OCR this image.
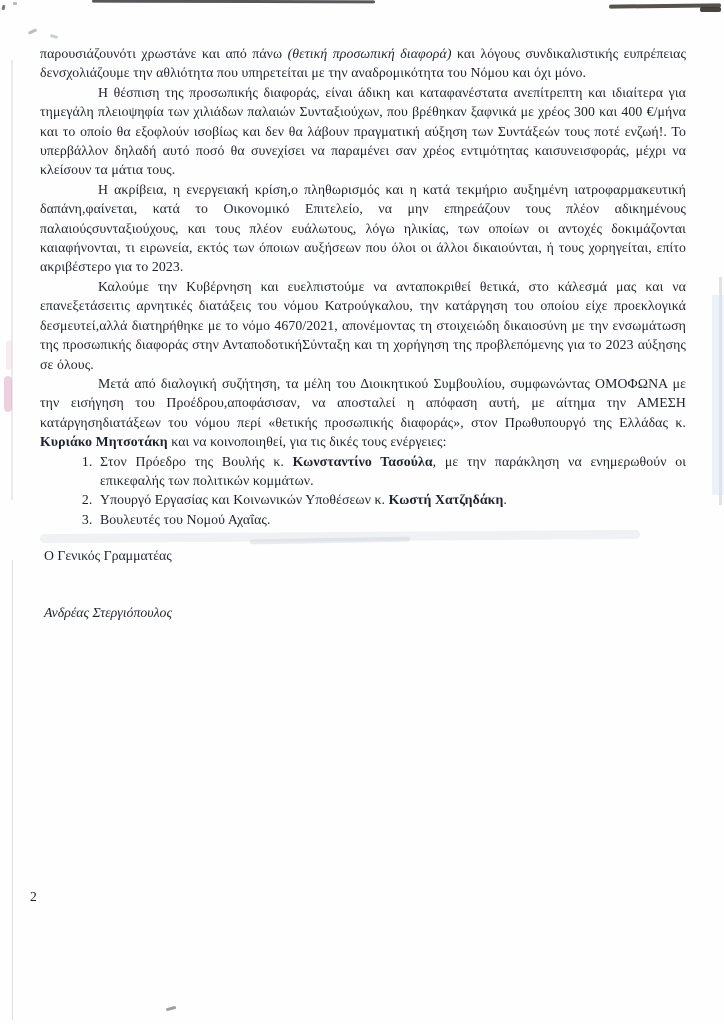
παρουσιάζουνότι χρωστάνε και από πάνω (θετική προσωπική διαφορά) και λόγους συνδικαλιστικής ευπρέπειας δενσχολιάζουμε την αθλιότητα που υπηρετείται με την αναδρομικότητα του Νόμου και όχι μόνο.

Η θέσπιση της προσωπικής διαφοράς, είναι άδικη και καταφανέστατα ανεπίτρεπτη και ιδιαίτερα για τημεγάλη πλειοψηφία των χιλιάδων παλαιών Συνταξιούχων, που βρέθηκαν ξαφνικά με χρέος 300 και 400 €/μήνα και το οποίο θα εξοφλούν ισοβίως και δεν θα λάβουν πραγματική αύξηση των Συντάξεών τους ποτέ ενζωή!. Το υπερβάλλον δηλαδή αυτό ποσό θα συνεχίσει να παραμένει σαν χρέος εντιμότητας καισυνεισφοράς, μέχρι να κλείσουν τα μάτια τους.

Η ακρίβεια, η ενεργειακή κρίση,ο πληθωρισμός και η κατά τεκμήριο αυξημένη ιατροφαρμακευτική δαπάνη,φαίνεται, κατά το Οικονομικό Επιτελείο, να μην επηρεάζουν τους πλέον αδικημένους παλαιούςσυνταξιούχους, και τους πλέον ευάλωτους, λόγω ηλικίας, των οποίων οι αντοχές δοκιμάζονται καιαφήνονται, τι ειρωνεία, εκτός των όποιων αυξήσεων που όλοι οι άλλοι δικαιούνται, ή τους χορηγείται, επίτο ακριβέστερο για το 2023.

Καλούμε την Κυβέρνηση και ευελπιστούμε να ανταποκριθεί θετικά, στο κάλεσμά μας και να επανεξετάσειτις αρνητικές διατάξεις του νόμου Κατρούγκαλου, την κατάργηση του οποίου είχε προεκλογικά δεσμευτεί,αλλά διατηρήθηκε με το νόμο 4670/2021, απονέμοντας τη στοιχειώδη δικαιοσύνη με την ενσωμάτωση της προσωπικής διαφοράς στην ΑνταποδοτικήΣύνταξη και τη χορήγηση της προβλεπόμενης για το 2023 αύξησης σε όλους.

Μετά από διαλογική συζήτηση, τα μέλη του Διοικητικού Συμβουλίου, συμφωνώντας ΟΜΟΦΩΝΑ με την εισήγηση του Προέδρου,αποφάσισαν, να αποσταλεί η απόφαση αυτή, με αίτημα την ΑΜΕΣΗ κατάργησηδιατάξεων του νόμου περί «θετικής προσωπικής διαφοράς», στον Πρωθυπουργό της Ελλάδας κ. Κυριάκο Μητσοτάκη και να κοινοποιηθεί, για τις δικές τους ενέργειες:

1. Στον Πρόεδρο της Βουλής κ. Κωνσταντίνο Τασούλα, με την παράκληση να ενημερωθούν οι επικεφαλής των πολιτικών κομμάτων.
2. Υπουργό Εργασίας και Κοινωνικών Υποθέσεων κ. Κωστή Χατζηδάκη.
3. Βουλευτές του Νομού Αχαΐας.

Ο Γενικός Γραμματέας

Ανδρέας Στεργιόπουλος

2
